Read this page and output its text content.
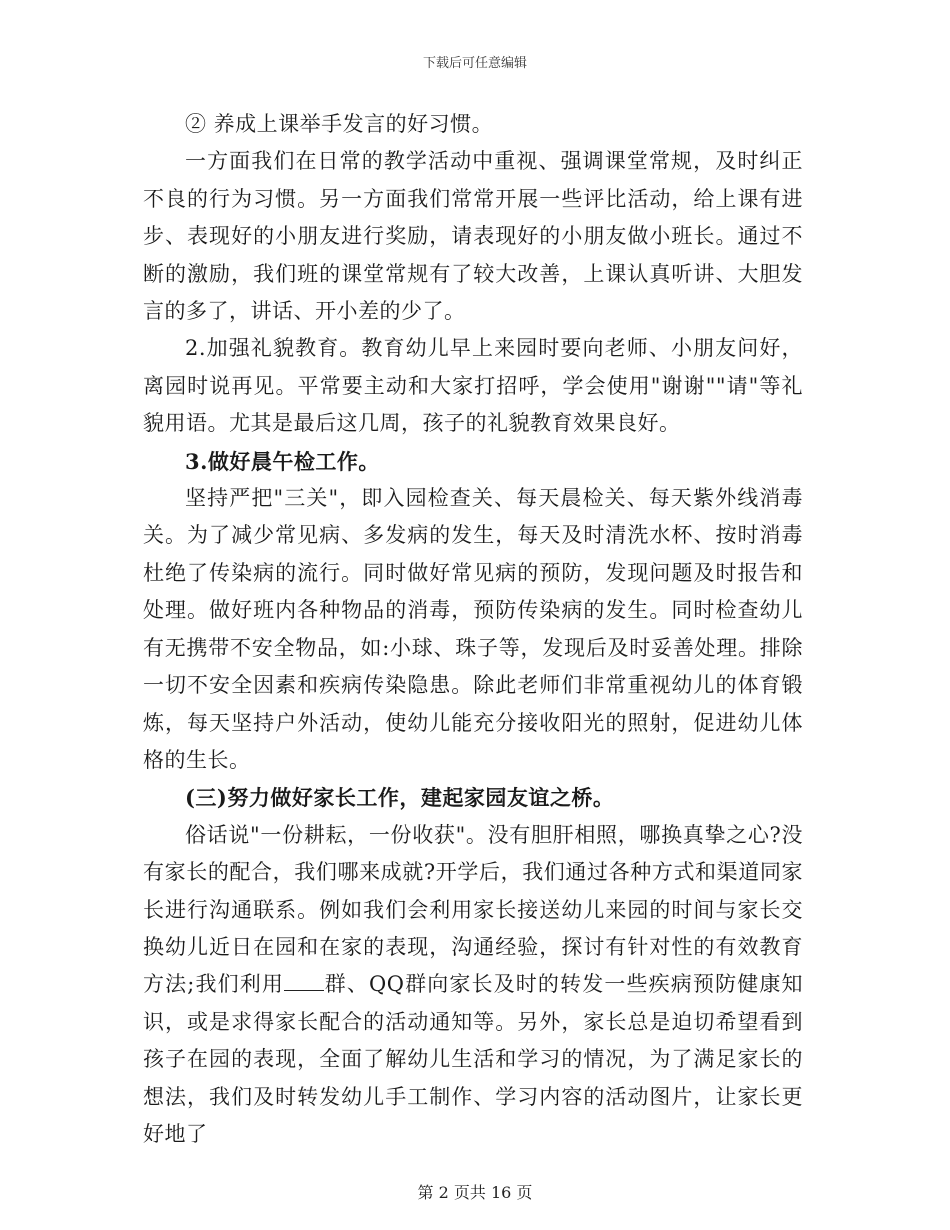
下载后可任意编辑

② 养成上课举手发言的好习惯。

一方面我们在日常的教学活动中重视、强调课堂常规，及时纠正不良的行为习惯。另一方面我们常常开展一些评比活动，给上课有进步、表现好的小朋友进行奖励，请表现好的小朋友做小班长。通过不断的激励，我们班的课堂常规有了较大改善，上课认真听讲、大胆发言的多了，讲话、开小差的少了。

2.加强礼貌教育。教育幼儿早上来园时要向老师、小朋友问好，离园时说再见。平常要主动和大家打招呼，学会使用"谢谢""请"等礼貌用语。尤其是最后这几周，孩子的礼貌教育效果良好。

3.做好晨午检工作。

坚持严把"三关"，即入园检查关、每天晨检关、每天紫外线消毒关。为了减少常见病、多发病的发生，每天及时清洗水杯、按时消毒杜绝了传染病的流行。同时做好常见病的预防，发现问题及时报告和处理。做好班内各种物品的消毒，预防传染病的发生。同时检查幼儿有无携带不安全物品，如:小球、珠子等，发现后及时妥善处理。排除一切不安全因素和疾病传染隐患。除此老师们非常重视幼儿的体育锻炼，每天坚持户外活动，使幼儿能充分接收阳光的照射，促进幼儿体格的生长。

(三)努力做好家长工作，建起家园友谊之桥。

俗话说"一份耕耘，一份收获"。没有胆肝相照，哪换真挚之心?没有家长的配合，我们哪来成就?开学后，我们通过各种方式和渠道同家长进行沟通联系。例如我们会利用家长接送幼儿来园的时间与家长交换幼儿近日在园和在家的表现，沟通经验，探讨有针对性的有效教育方法;我们利用 群、QQ群向家长及时的转发一些疾病预防健康知识，或是求得家长配合的活动通知等。另外，家长总是迫切希望看到孩子在园的表现，全面了解幼儿生活和学习的情况，为了满足家长的想法，我们及时转发幼儿手工制作、学习内容的活动图片，让家长更好地了

第 2 页共 16 页
